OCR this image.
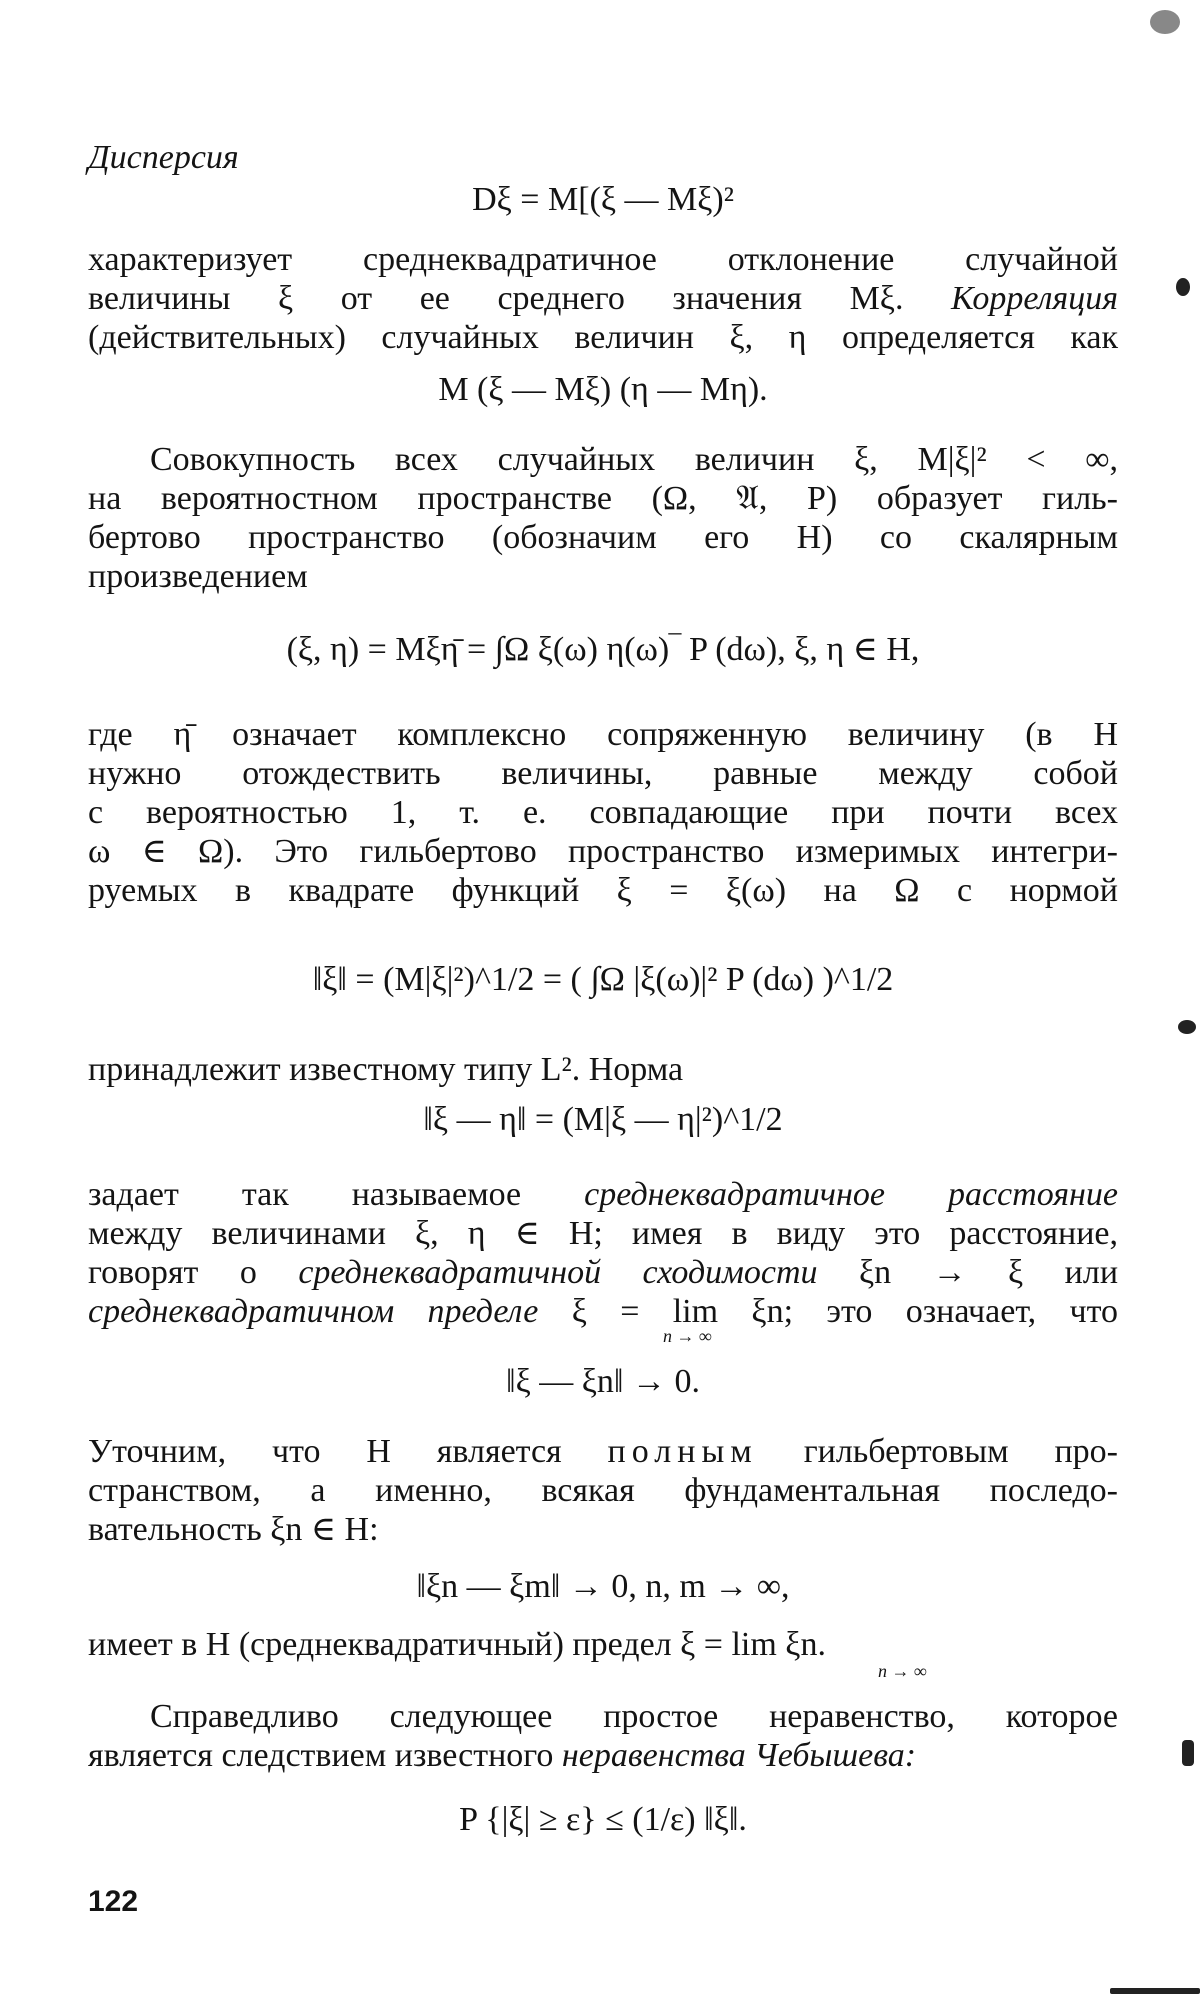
Дисперсия
Dξ = M[(ξ — Mξ)²
характеризует среднеквадратичное отклонение случайной
величины ξ от ее среднего значения Mξ. Корреляция
(действительных) случайных величин ξ, η определяется как
M (ξ — Mξ) (η — Mη).
Совокупность всех случайных величин ξ, M|ξ|² < ∞,
на вероятностном пространстве (Ω, 𝔄, P) образует гиль-
бертово пространство (обозначим его H) со скалярным
произведением
(ξ, η) = Mξη̄ = ∫Ω ξ(ω) η(ω)‾ P (dω), ξ, η ∈ H,
где η̄ означает комплексно сопряженную величину (в H
нужно отождествить величины, равные между собой
с вероятностью 1, т. е. совпадающие при почти всех
ω ∈ Ω). Это гильбертово пространство измеримых интегри-
руемых в квадрате функций ξ = ξ(ω) на Ω с нормой
‖ξ‖ = (M|ξ|²)^1/2 = ( ∫Ω |ξ(ω)|² P (dω) )^1/2
принадлежит известному типу L². Норма
‖ξ — η‖ = (M|ξ — η|²)^1/2
задает так называемое среднеквадратичное расстояние
между величинами ξ, η ∈ H; имея в виду это расстояние,
говорят о среднеквадратичной сходимости ξn → ξ или
среднеквадратичном пределе ξ = lim ξn; это означает, что
n → ∞
‖ξ — ξn‖ → 0.
Уточним, что H является полным гильбертовым про-
странством, а именно, всякая фундаментальная последо-
вательность ξn ∈ H:
‖ξn — ξm‖ → 0, n, m → ∞,
имеет в H (среднеквадратичный) предел ξ = lim ξn.
n → ∞
Справедливо следующее простое неравенство, которое
является следствием известного неравенства Чебышева:
P {|ξ| ≥ ε} ≤ (1/ε) ‖ξ‖.
122
